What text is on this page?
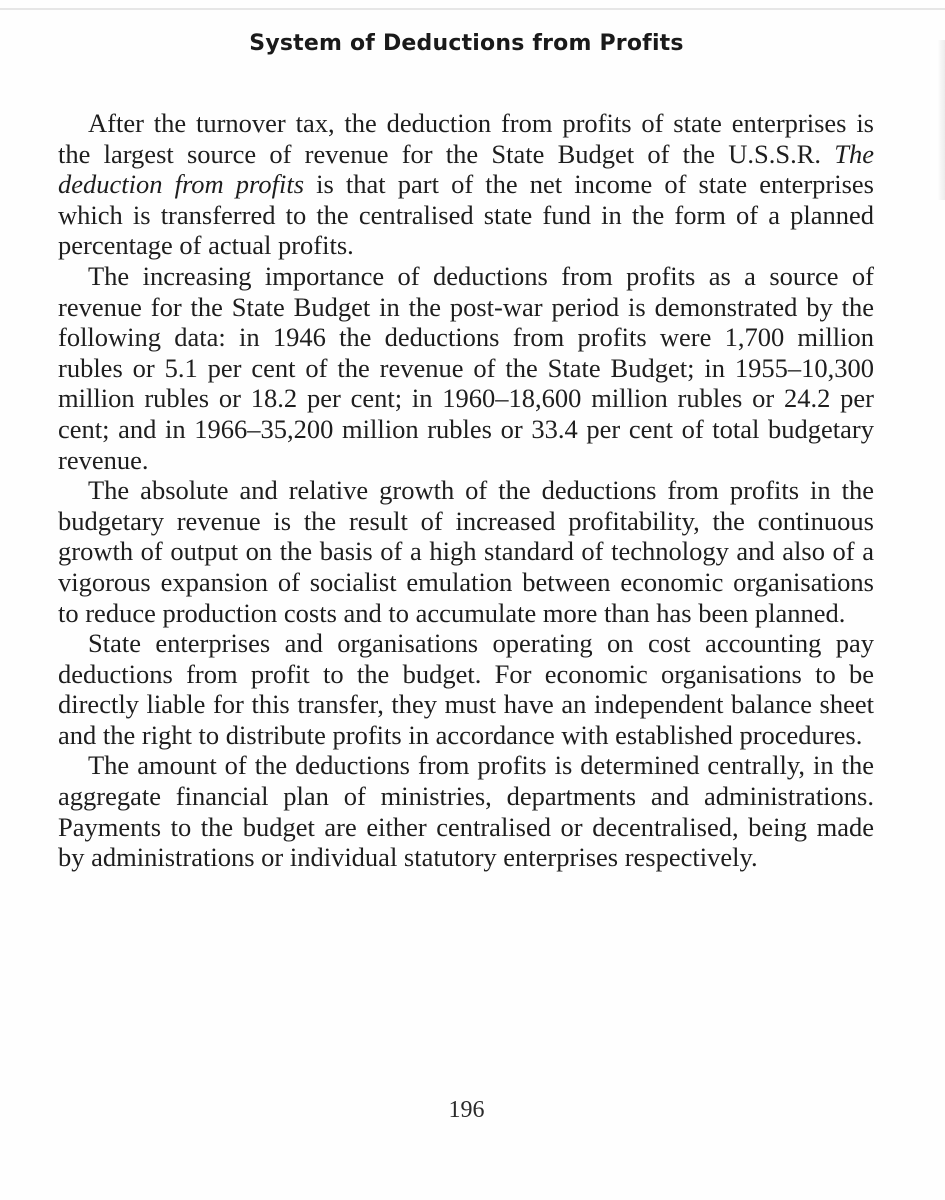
System of Deductions from Profits

After the turnover tax, the deduction from profits of state enterprises is the largest source of revenue for the State Budget of the U.S.S.R. The deduction from profits is that part of the net income of state enterprises which is transferred to the centralised state fund in the form of a planned percentage of actual profits.

The increasing importance of deductions from profits as a source of revenue for the State Budget in the post-war period is demonstrated by the following data: in 1946 the deductions from profits were 1,700 million rubles or 5.1 per cent of the revenue of the State Budget; in 1955–10,300 million rubles or 18.2 per cent; in 1960–18,600 million rubles or 24.2 per cent; and in 1966–35,200 million rubles or 33.4 per cent of total budgetary revenue.

The absolute and relative growth of the deductions from profits in the budgetary revenue is the result of increased profitability, the continuous growth of output on the basis of a high standard of technology and also of a vigorous expansion of socialist emulation between economic organisations to reduce production costs and to accumulate more than has been planned.

State enterprises and organisations operating on cost accounting pay deductions from profit to the budget. For economic organisations to be directly liable for this transfer, they must have an independent balance sheet and the right to distribute profits in accordance with established procedures.

The amount of the deductions from profits is determined centrally, in the aggregate financial plan of ministries, departments and administrations. Payments to the budget are either centralised or decentralised, being made by administrations or individual statutory enterprises respectively.

196
